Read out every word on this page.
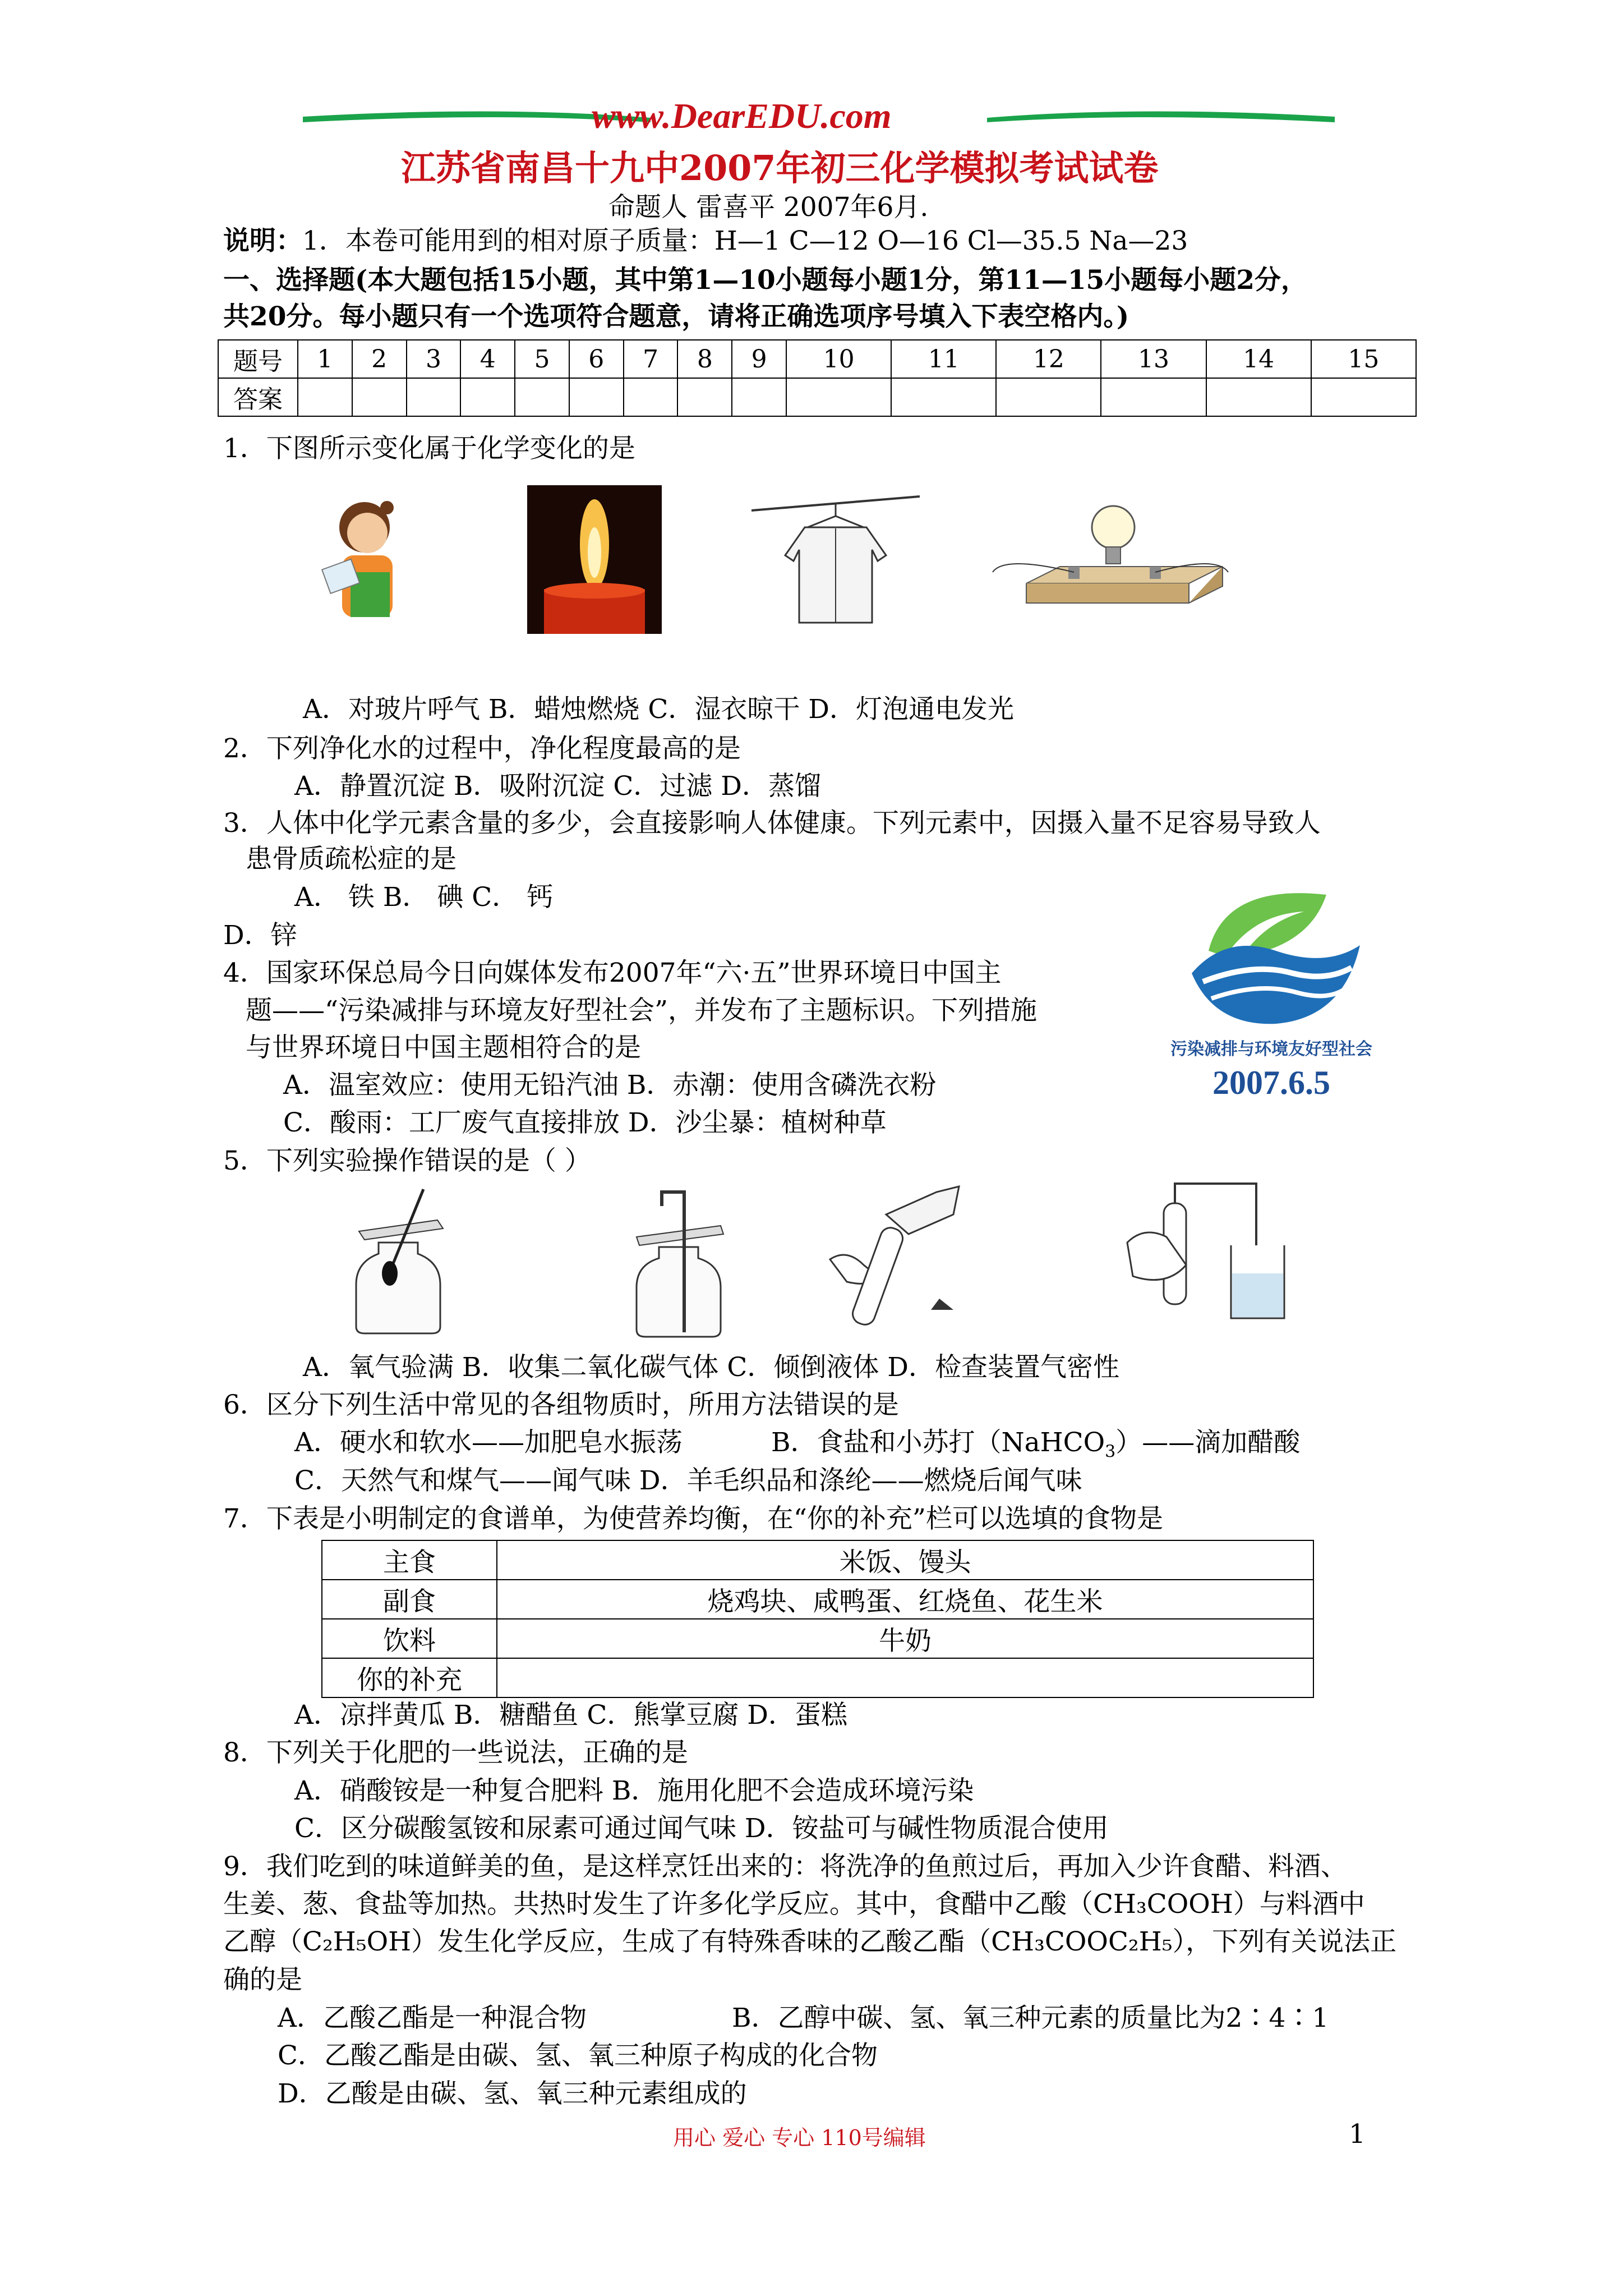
www.DearEDU.com
江苏省南昌十九中2007年初三化学模拟考试试卷
命题人 雷喜平 2007年6月.
说明：1．本卷可能用到的相对原子质量：H—1 C—12 O—16 Cl—35.5 Na—23
一、选择题(本大题包括15小题，其中第1—10小题每小题1分，第11—15小题每小题2分，
共20分。每小题只有一个选项符合题意，请将正确选项序号填入下表空格内。)
题号	1	2	3	4	5	6	7	8	9	10	11	12	13	14	15
答案															
1．下图所示变化属于化学变化的是
A．对玻片呼气 B．蜡烛燃烧 C．湿衣晾干 D．灯泡通电发光
2．下列净化水的过程中，净化程度最高的是
A．静置沉淀 B．吸附沉淀 C．过滤 D．蒸馏
3．人体中化学元素含量的多少，会直接影响人体健康。下列元素中，因摄入量不足容易导致人
患骨质疏松症的是
A． 铁 B． 碘 C． 钙
D．锌
污染减排与环境友好型社会
2007.6.5
4．国家环保总局今日向媒体发布2007年“六·五”世界环境日中国主
题——“污染减排与环境友好型社会”，并发布了主题标识。下列措施
与世界环境日中国主题相符合的是
A．温室效应：使用无铅汽油 B．赤潮：使用含磷洗衣粉
C．酸雨：工厂废气直接排放 D．沙尘暴：植树种草
5．下列实验操作错误的是（ ）
A．氧气验满 B．收集二氧化碳气体 C．倾倒液体 D．检查装置气密性
6．区分下列生活中常见的各组物质时，所用方法错误的是
A．硬水和软水——加肥皂水振荡	B．食盐和小苏打（NaHCO$_3$）——滴加醋酸
C．天然气和煤气——闻气味 D．羊毛织品和涤纶——燃烧后闻气味
7．下表是小明制定的食谱单，为使营养均衡，在“你的补充”栏可以选填的食物是
主食	米饭、馒头
副食	烧鸡块、咸鸭蛋、红烧鱼、花生米
饮料	牛奶
你的补充	
A．凉拌黄瓜 B．糖醋鱼 C．熊掌豆腐 D．蛋糕
8．下列关于化肥的一些说法，正确的是
A．硝酸铵是一种复合肥料 B．施用化肥不会造成环境污染
C．区分碳酸氢铵和尿素可通过闻气味 D．铵盐可与碱性物质混合使用
9．我们吃到的味道鲜美的鱼，是这样烹饪出来的：将洗净的鱼煎过后，再加入少许食醋、料酒、
生姜、葱、食盐等加热。共热时发生了许多化学反应。其中，食醋中乙酸（CH₃COOH）与料酒中
乙醇（C₂H₅OH）发生化学反应，生成了有特殊香味的乙酸乙酯（CH₃COOC₂H₅），下列有关说法正
确的是
A．乙酸乙酯是一种混合物	B．乙醇中碳、氢、氧三种元素的质量比为2∶4∶1
C．乙酸乙酯是由碳、氢、氧三种原子构成的化合物
D．乙酸是由碳、氢、氧三种元素组成的
用心 爱心 专心 110号编辑	1
